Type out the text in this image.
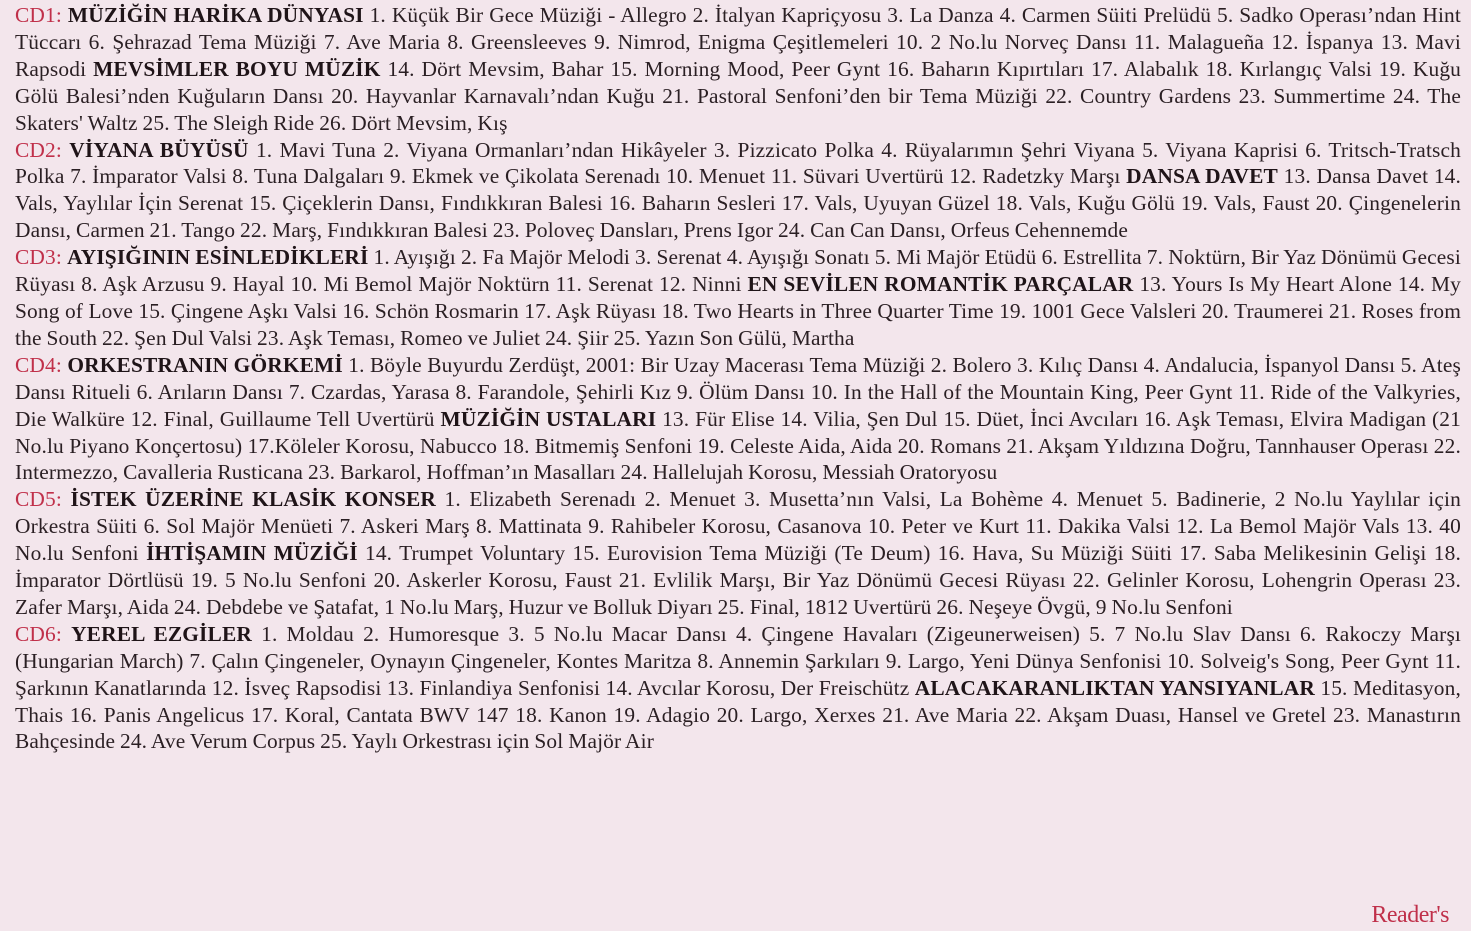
CD1: MÜZİĞİN HARİKA DÜNYASI 1. Küçük Bir Gece Müziği - Allegro 2. İtalyan Kapriçyosu 3. La Danza 4. Carmen Süiti Prelüdü 5. Sadko Operası’ndan Hint Tüccarı 6. Şehrazad Tema Müziği 7. Ave Maria 8. Greensleeves 9. Nimrod, Enigma Çeşitlemeleri 10. 2 No.lu Norveç Dansı 11. Malagueña 12. İspanya 13. Mavi Rapsodi MEVSİMLER BOYU MÜZİK 14. Dört Mevsim, Bahar 15. Morning Mood, Peer Gynt 16. Baharın Kıpırtıları 17. Alabalık 18. Kırlangıç Valsi 19. Kuğu Gölü Balesi’nden Kuğuların Dansı 20. Hayvanlar Karnavalı’ndan Kuğu 21. Pastoral Senfoni’den bir Tema Müziği 22. Country Gardens 23. Summertime 24. The Skaters' Waltz 25. The Sleigh Ride 26. Dört Mevsim, Kış

CD2: VİYANA BÜYÜSÜ 1. Mavi Tuna 2. Viyana Ormanları’ndan Hikâyeler 3. Pizzicato Polka 4. Rüyalarımın Şehri Viyana 5. Viyana Kaprisi 6. Tritsch-Tratsch Polka 7. İmparator Valsi 8. Tuna Dalgaları 9. Ekmek ve Çikolata Serenadı 10. Menuet 11. Süvari Uvertürü 12. Radetzky Marşı DANSA DAVET 13. Dansa Davet 14. Vals, Yaylılar İçin Serenat 15. Çiçeklerin Dansı, Fındıkkıran Balesi 16. Baharın Sesleri 17. Vals, Uyuyan Güzel 18. Vals, Kuğu Gölü 19. Vals, Faust 20. Çingenelerin Dansı, Carmen 21. Tango 22. Marş, Fındıkkıran Balesi 23. Poloveç Dansları, Prens Igor 24. Can Can Dansı, Orfeus Cehennemde

CD3: AYIŞIĞININ ESİNLEDİKLERİ 1. Ayışığı 2. Fa Majör Melodi 3. Serenat 4. Ayışığı Sonatı 5. Mi Majör Etüdü 6. Estrellita 7. Noktürn, Bir Yaz Dönümü Gecesi Rüyası 8. Aşk Arzusu 9. Hayal 10. Mi Bemol Majör Noktürn 11. Serenat 12. Ninni EN SEVİLEN ROMANTİK PARÇALAR 13. Yours Is My Heart Alone 14. My Song of Love 15. Çingene Aşkı Valsi 16. Schön Rosmarin 17. Aşk Rüyası 18. Two Hearts in Three Quarter Time 19. 1001 Gece Valsleri 20. Traumerei 21. Roses from the South 22. Şen Dul Valsi 23. Aşk Teması, Romeo ve Juliet 24. Şiir 25. Yazın Son Gülü, Martha

CD4: ORKESTRANIN GÖRKEMİ 1. Böyle Buyurdu Zerdüşt, 2001: Bir Uzay Macerası Tema Müziği 2. Bolero 3. Kılıç Dansı 4. Andalucia, İspanyol Dansı 5. Ateş Dansı Ritueli 6. Arıların Dansı 7. Czardas, Yarasa 8. Farandole, Şehirli Kız 9. Ölüm Dansı 10. In the Hall of the Mountain King, Peer Gynt 11. Ride of the Valkyries, Die Walküre 12. Final, Guillaume Tell Uvertürü MÜZİĞİN USTALARI 13. Für Elise 14. Vilia, Şen Dul 15. Düet, İnci Avcıları 16. Aşk Teması, Elvira Madigan (21 No.lu Piyano Konçertosu) 17.Köleler Korosu, Nabucco 18. Bitmemiş Senfoni 19. Celeste Aida, Aida 20. Romans 21. Akşam Yıldızına Doğru, Tannhauser Operası 22. Intermezzo, Cavalleria Rusticana 23. Barkarol, Hoffman’ın Masalları 24. Hallelujah Korosu, Messiah Oratoryosu

CD5: İSTEK ÜZERİNE KLASİK KONSER 1. Elizabeth Serenadı 2. Menuet 3. Musetta’nın Valsi, La Bohème 4. Menuet 5. Badinerie, 2 No.lu Yaylılar için Orkestra Süiti 6. Sol Majör Menüeti 7. Askeri Marş 8. Mattinata 9. Rahibeler Korosu, Casanova 10. Peter ve Kurt 11. Dakika Valsi 12. La Bemol Majör Vals 13. 40 No.lu Senfoni İHTİŞAMIN MÜZİĞİ 14. Trumpet Voluntary 15. Eurovision Tema Müziği (Te Deum) 16. Hava, Su Müziği Süiti 17. Saba Melikesinin Gelişi 18. İmparator Dörtlüsü 19. 5 No.lu Senfoni 20. Askerler Korosu, Faust 21. Evlilik Marşı, Bir Yaz Dönümü Gecesi Rüyası 22. Gelinler Korosu, Lohengrin Operası 23. Zafer Marşı, Aida 24. Debdebe ve Şatafat, 1 No.lu Marş, Huzur ve Bolluk Diyarı 25. Final, 1812 Uvertürü 26. Neşeye Övgü, 9 No.lu Senfoni

CD6: YEREL EZGİLER 1. Moldau 2. Humoresque 3. 5 No.lu Macar Dansı 4. Çingene Havaları (Zigeunerweisen) 5. 7 No.lu Slav Dansı 6. Rakoczy Marşı (Hungarian March) 7. Çalın Çingeneler, Oynayın Çingeneler, Kontes Maritza 8. Annemin Şarkıları 9. Largo, Yeni Dünya Senfonisi 10. Solveig's Song, Peer Gynt 11. Şarkının Kanatlarında 12. İsveç Rapsodisi 13. Finlandiya Senfonisi 14. Avcılar Korosu, Der Freischütz ALACAKARANLIKTAN YANSIYANLAR 15. Meditasyon, Thais 16. Panis Angelicus 17. Koral, Cantata BWV 147 18. Kanon 19. Adagio 20. Largo, Xerxes 21. Ave Maria 22. Akşam Duası, Hansel ve Gretel 23. Manastırın Bahçesinde 24. Ave Verum Corpus 25. Yaylı Orkestrası için Sol Majör Air

Reader's
